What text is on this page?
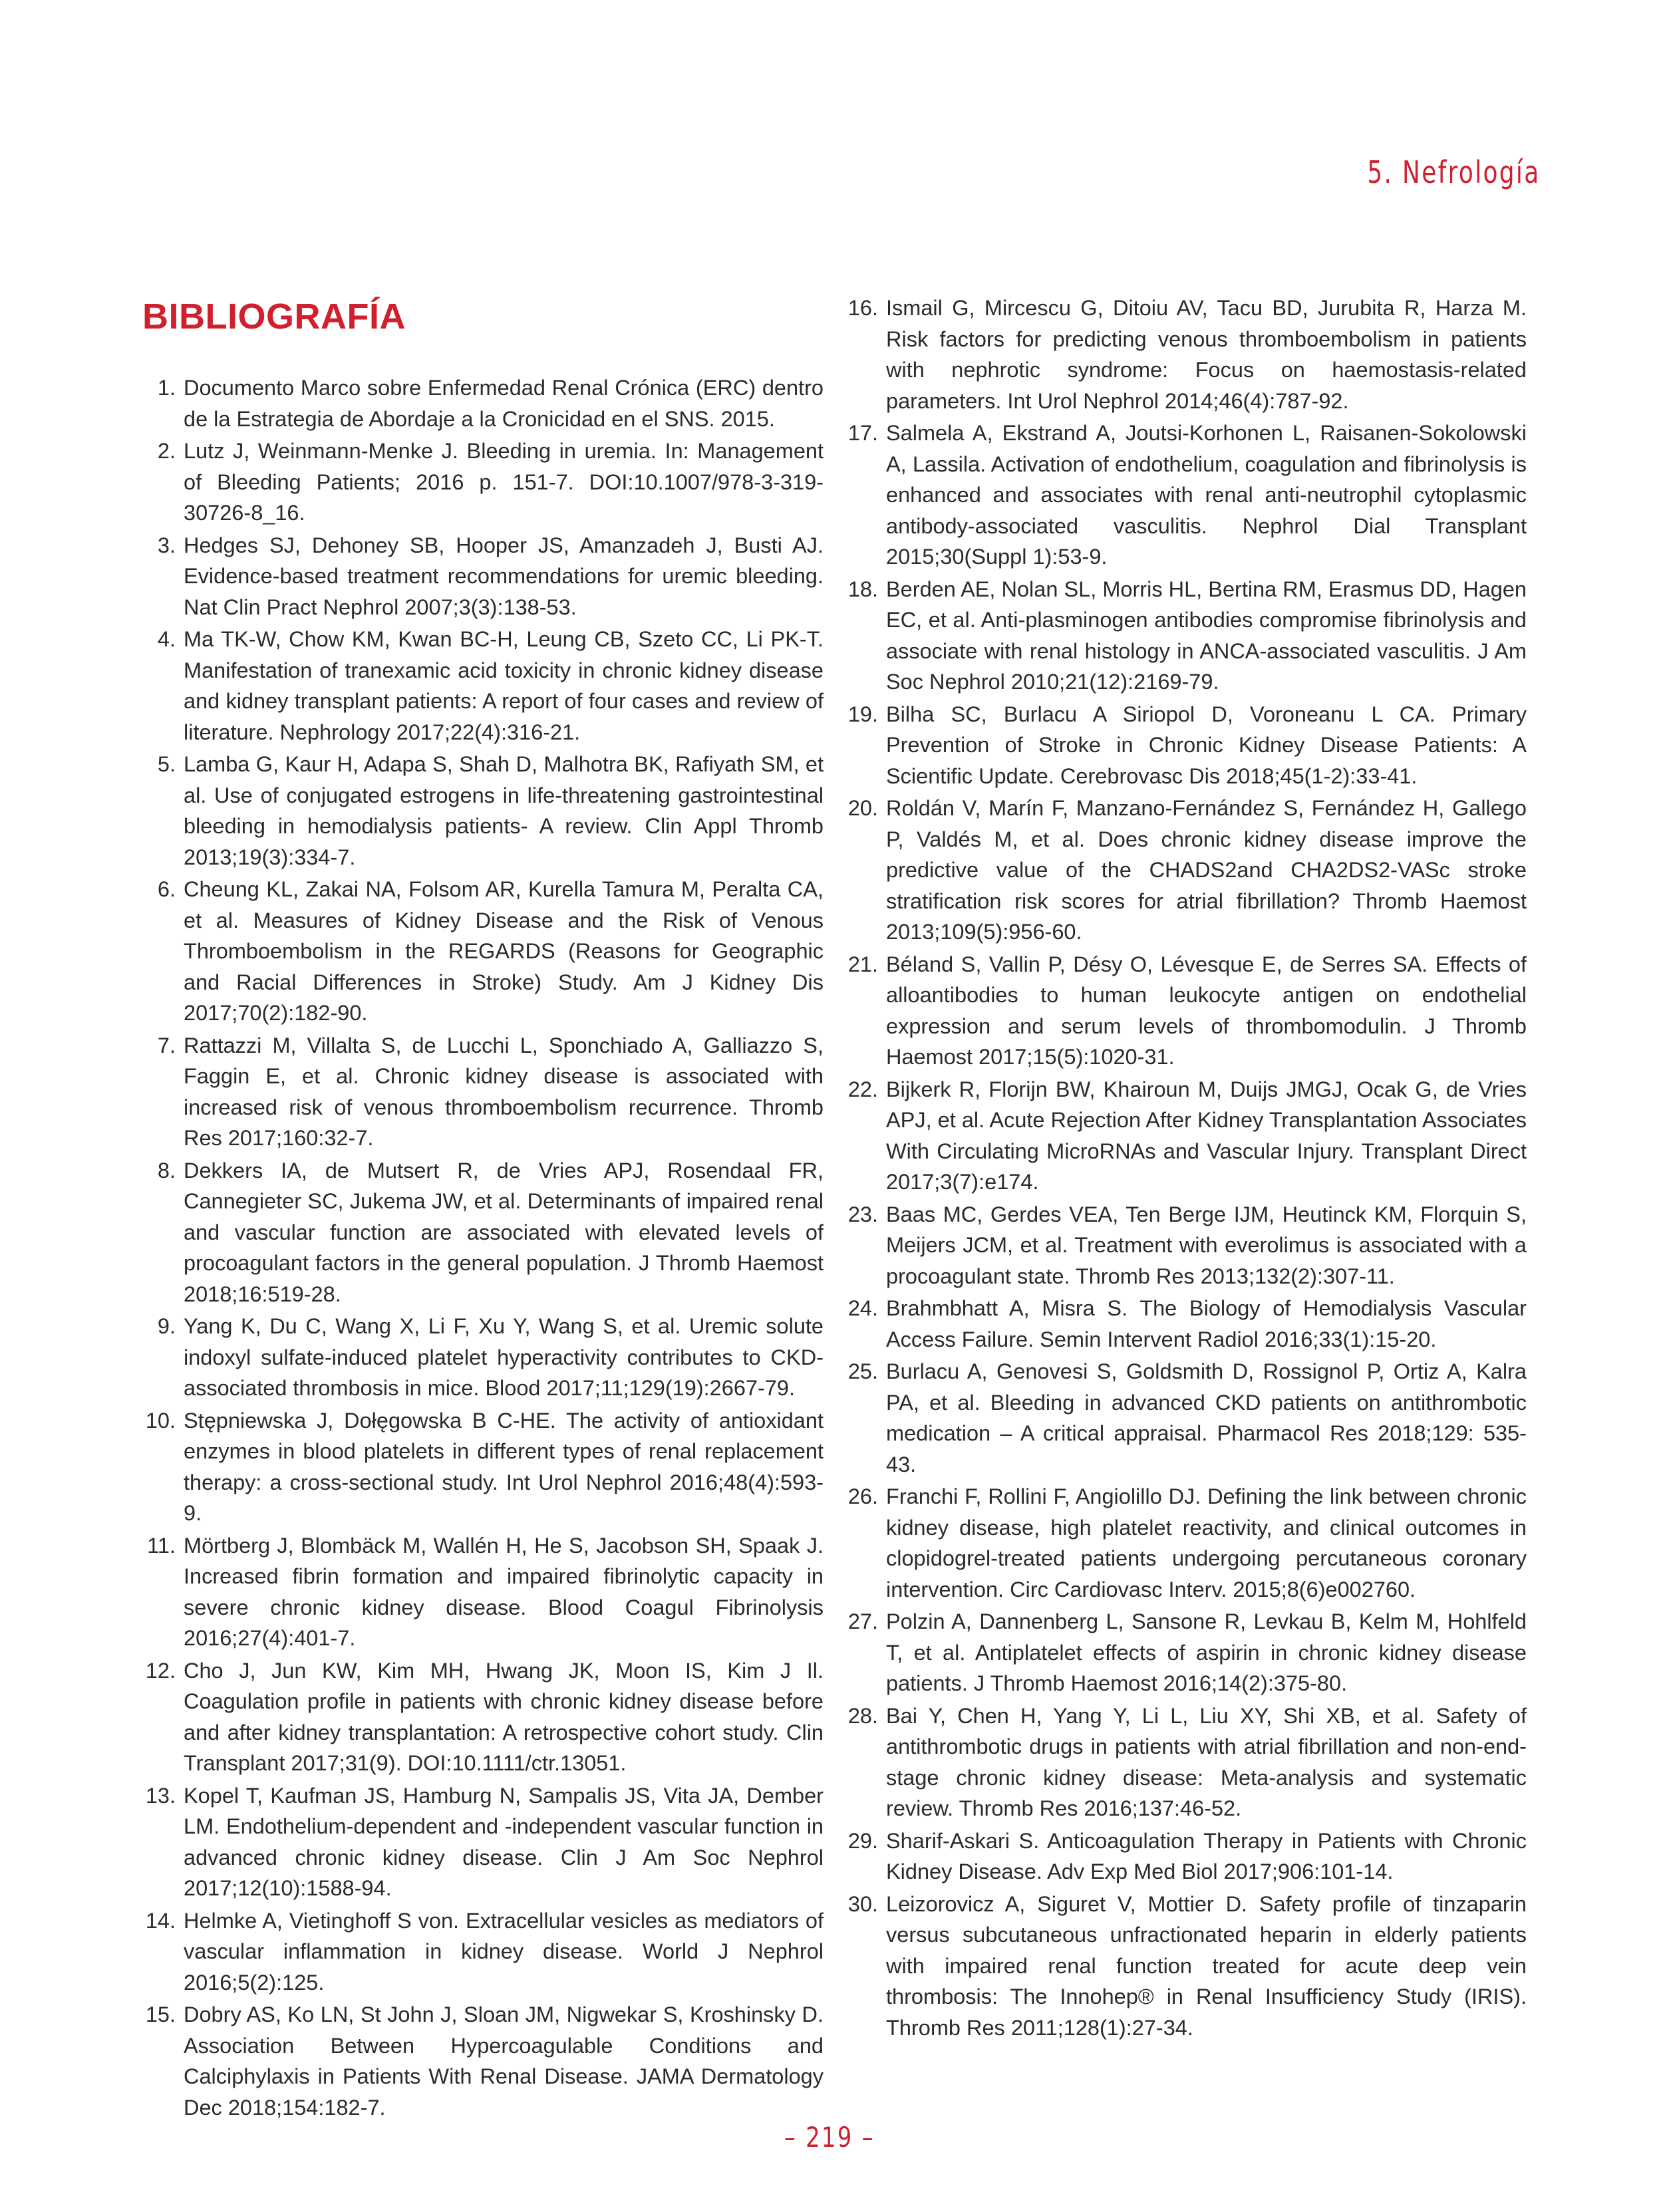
5. Nefrología
BIBLIOGRAFÍA
1. Documento Marco sobre Enfermedad Renal Crónica (ERC) dentro de la Estrategia de Abordaje a la Cronicidad en el SNS. 2015.
2. Lutz J, Weinmann-Menke J. Bleeding in uremia. In: Management of Bleeding Patients; 2016 p. 151-7. DOI:10.1007/978-3-319-30726-8_16.
3. Hedges SJ, Dehoney SB, Hooper JS, Amanzadeh J, Busti AJ. Evidence-based treatment recommendations for uremic bleeding. Nat Clin Pract Nephrol 2007;3(3):138-53.
4. Ma TK-W, Chow KM, Kwan BC-H, Leung CB, Szeto CC, Li PK-T. Manifestation of tranexamic acid toxicity in chronic kidney disease and kidney transplant patients: A report of four cases and review of literature. Nephrology 2017;22(4):316-21.
5. Lamba G, Kaur H, Adapa S, Shah D, Malhotra BK, Rafiyath SM, et al. Use of conjugated estrogens in life-threatening gastrointestinal bleeding in hemodialysis patients- A review. Clin Appl Thromb 2013;19(3):334-7.
6. Cheung KL, Zakai NA, Folsom AR, Kurella Tamura M, Peralta CA, et al. Measures of Kidney Disease and the Risk of Venous Thromboembolism in the REGARDS (Reasons for Geographic and Racial Differences in Stroke) Study. Am J Kidney Dis 2017;70(2):182-90.
7. Rattazzi M, Villalta S, de Lucchi L, Sponchiado A, Galliazzo S, Faggin E, et al. Chronic kidney disease is associated with increased risk of venous thromboembolism recurrence. Thromb Res 2017;160:32-7.
8. Dekkers IA, de Mutsert R, de Vries APJ, Rosendaal FR, Cannegieter SC, Jukema JW, et al. Determinants of impaired renal and vascular function are associated with elevated levels of procoagulant factors in the general population. J Thromb Haemost 2018;16:519-28.
9. Yang K, Du C, Wang X, Li F, Xu Y, Wang S, et al. Uremic solute indoxyl sulfate-induced platelet hyperactivity contributes to CKD-associated thrombosis in mice. Blood 2017;11;129(19):2667-79.
10. Stępniewska J, Dołęgowska B C-HE. The activity of antioxidant enzymes in blood platelets in different types of renal replacement therapy: a cross-sectional study. Int Urol Nephrol 2016;48(4):593-9.
11. Mörtberg J, Blombäck M, Wallén H, He S, Jacobson SH, Spaak J. Increased fibrin formation and impaired fibrinolytic capacity in severe chronic kidney disease. Blood Coagul Fibrinolysis 2016;27(4):401-7.
12. Cho J, Jun KW, Kim MH, Hwang JK, Moon IS, Kim J Il. Coagulation profile in patients with chronic kidney disease before and after kidney transplantation: A retrospective cohort study. Clin Transplant 2017;31(9). DOI:10.1111/ctr.13051.
13. Kopel T, Kaufman JS, Hamburg N, Sampalis JS, Vita JA, Dember LM. Endothelium-dependent and -independent vascular function in advanced chronic kidney disease. Clin J Am Soc Nephrol 2017;12(10):1588-94.
14. Helmke A, Vietinghoff S von. Extracellular vesicles as mediators of vascular inflammation in kidney disease. World J Nephrol 2016;5(2):125.
15. Dobry AS, Ko LN, St John J, Sloan JM, Nigwekar S, Kroshinsky D. Association Between Hypercoagulable Conditions and Calciphylaxis in Patients With Renal Disease. JAMA Dermatology Dec 2018;154:182-7.
16. Ismail G, Mircescu G, Ditoiu AV, Tacu BD, Jurubita R, Harza M. Risk factors for predicting venous thromboembolism in patients with nephrotic syndrome: Focus on haemostasis-related parameters. Int Urol Nephrol 2014;46(4):787-92.
17. Salmela A, Ekstrand A, Joutsi-Korhonen L, Raisanen-Sokolowski A, Lassila. Activation of endothelium, coagulation and fibrinolysis is enhanced and associates with renal anti-neutrophil cytoplasmic antibody-associated vasculitis. Nephrol Dial Transplant 2015;30(Suppl 1):53-9.
18. Berden AE, Nolan SL, Morris HL, Bertina RM, Erasmus DD, Hagen EC, et al. Anti-plasminogen antibodies compromise fibrinolysis and associate with renal histology in ANCA-associated vasculitis. J Am Soc Nephrol 2010;21(12):2169-79.
19. Bilha SC, Burlacu A Siriopol D, Voroneanu L CA. Primary Prevention of Stroke in Chronic Kidney Disease Patients: A Scientific Update. Cerebrovasc Dis 2018;45(1-2):33-41.
20. Roldán V, Marín F, Manzano-Fernández S, Fernández H, Gallego P, Valdés M, et al. Does chronic kidney disease improve the predictive value of the CHADS2and CHA2DS2-VASc stroke stratification risk scores for atrial fibrillation? Thromb Haemost 2013;109(5):956-60.
21. Béland S, Vallin P, Désy O, Lévesque E, de Serres SA. Effects of alloantibodies to human leukocyte antigen on endothelial expression and serum levels of thrombomodulin. J Thromb Haemost 2017;15(5):1020-31.
22. Bijkerk R, Florijn BW, Khairoun M, Duijs JMGJ, Ocak G, de Vries APJ, et al. Acute Rejection After Kidney Transplantation Associates With Circulating MicroRNAs and Vascular Injury. Transplant Direct 2017;3(7):e174.
23. Baas MC, Gerdes VEA, Ten Berge IJM, Heutinck KM, Florquin S, Meijers JCM, et al. Treatment with everolimus is associated with a procoagulant state. Thromb Res 2013;132(2):307-11.
24. Brahmbhatt A, Misra S. The Biology of Hemodialysis Vascular Access Failure. Semin Intervent Radiol 2016;33(1):15-20.
25. Burlacu A, Genovesi S, Goldsmith D, Rossignol P, Ortiz A, Kalra PA, et al. Bleeding in advanced CKD patients on antithrombotic medication – A critical appraisal. Pharmacol Res 2018;129: 535-43.
26. Franchi F, Rollini F, Angiolillo DJ. Defining the link between chronic kidney disease, high platelet reactivity, and clinical outcomes in clopidogrel-treated patients undergoing percutaneous coronary intervention. Circ Cardiovasc Interv. 2015;8(6)e002760.
27. Polzin A, Dannenberg L, Sansone R, Levkau B, Kelm M, Hohlfeld T, et al. Antiplatelet effects of aspirin in chronic kidney disease patients. J Thromb Haemost 2016;14(2):375-80.
28. Bai Y, Chen H, Yang Y, Li L, Liu XY, Shi XB, et al. Safety of antithrombotic drugs in patients with atrial fibrillation and non-end-stage chronic kidney disease: Meta-analysis and systematic review. Thromb Res 2016;137:46-52.
29. Sharif-Askari S. Anticoagulation Therapy in Patients with Chronic Kidney Disease. Adv Exp Med Biol 2017;906:101-14.
30. Leizorovicz A, Siguret V, Mottier D. Safety profile of tinzaparin versus subcutaneous unfractionated heparin in elderly patients with impaired renal function treated for acute deep vein thrombosis: The Innohep® in Renal Insufficiency Study (IRIS). Thromb Res 2011;128(1):27-34.
– 219 –
